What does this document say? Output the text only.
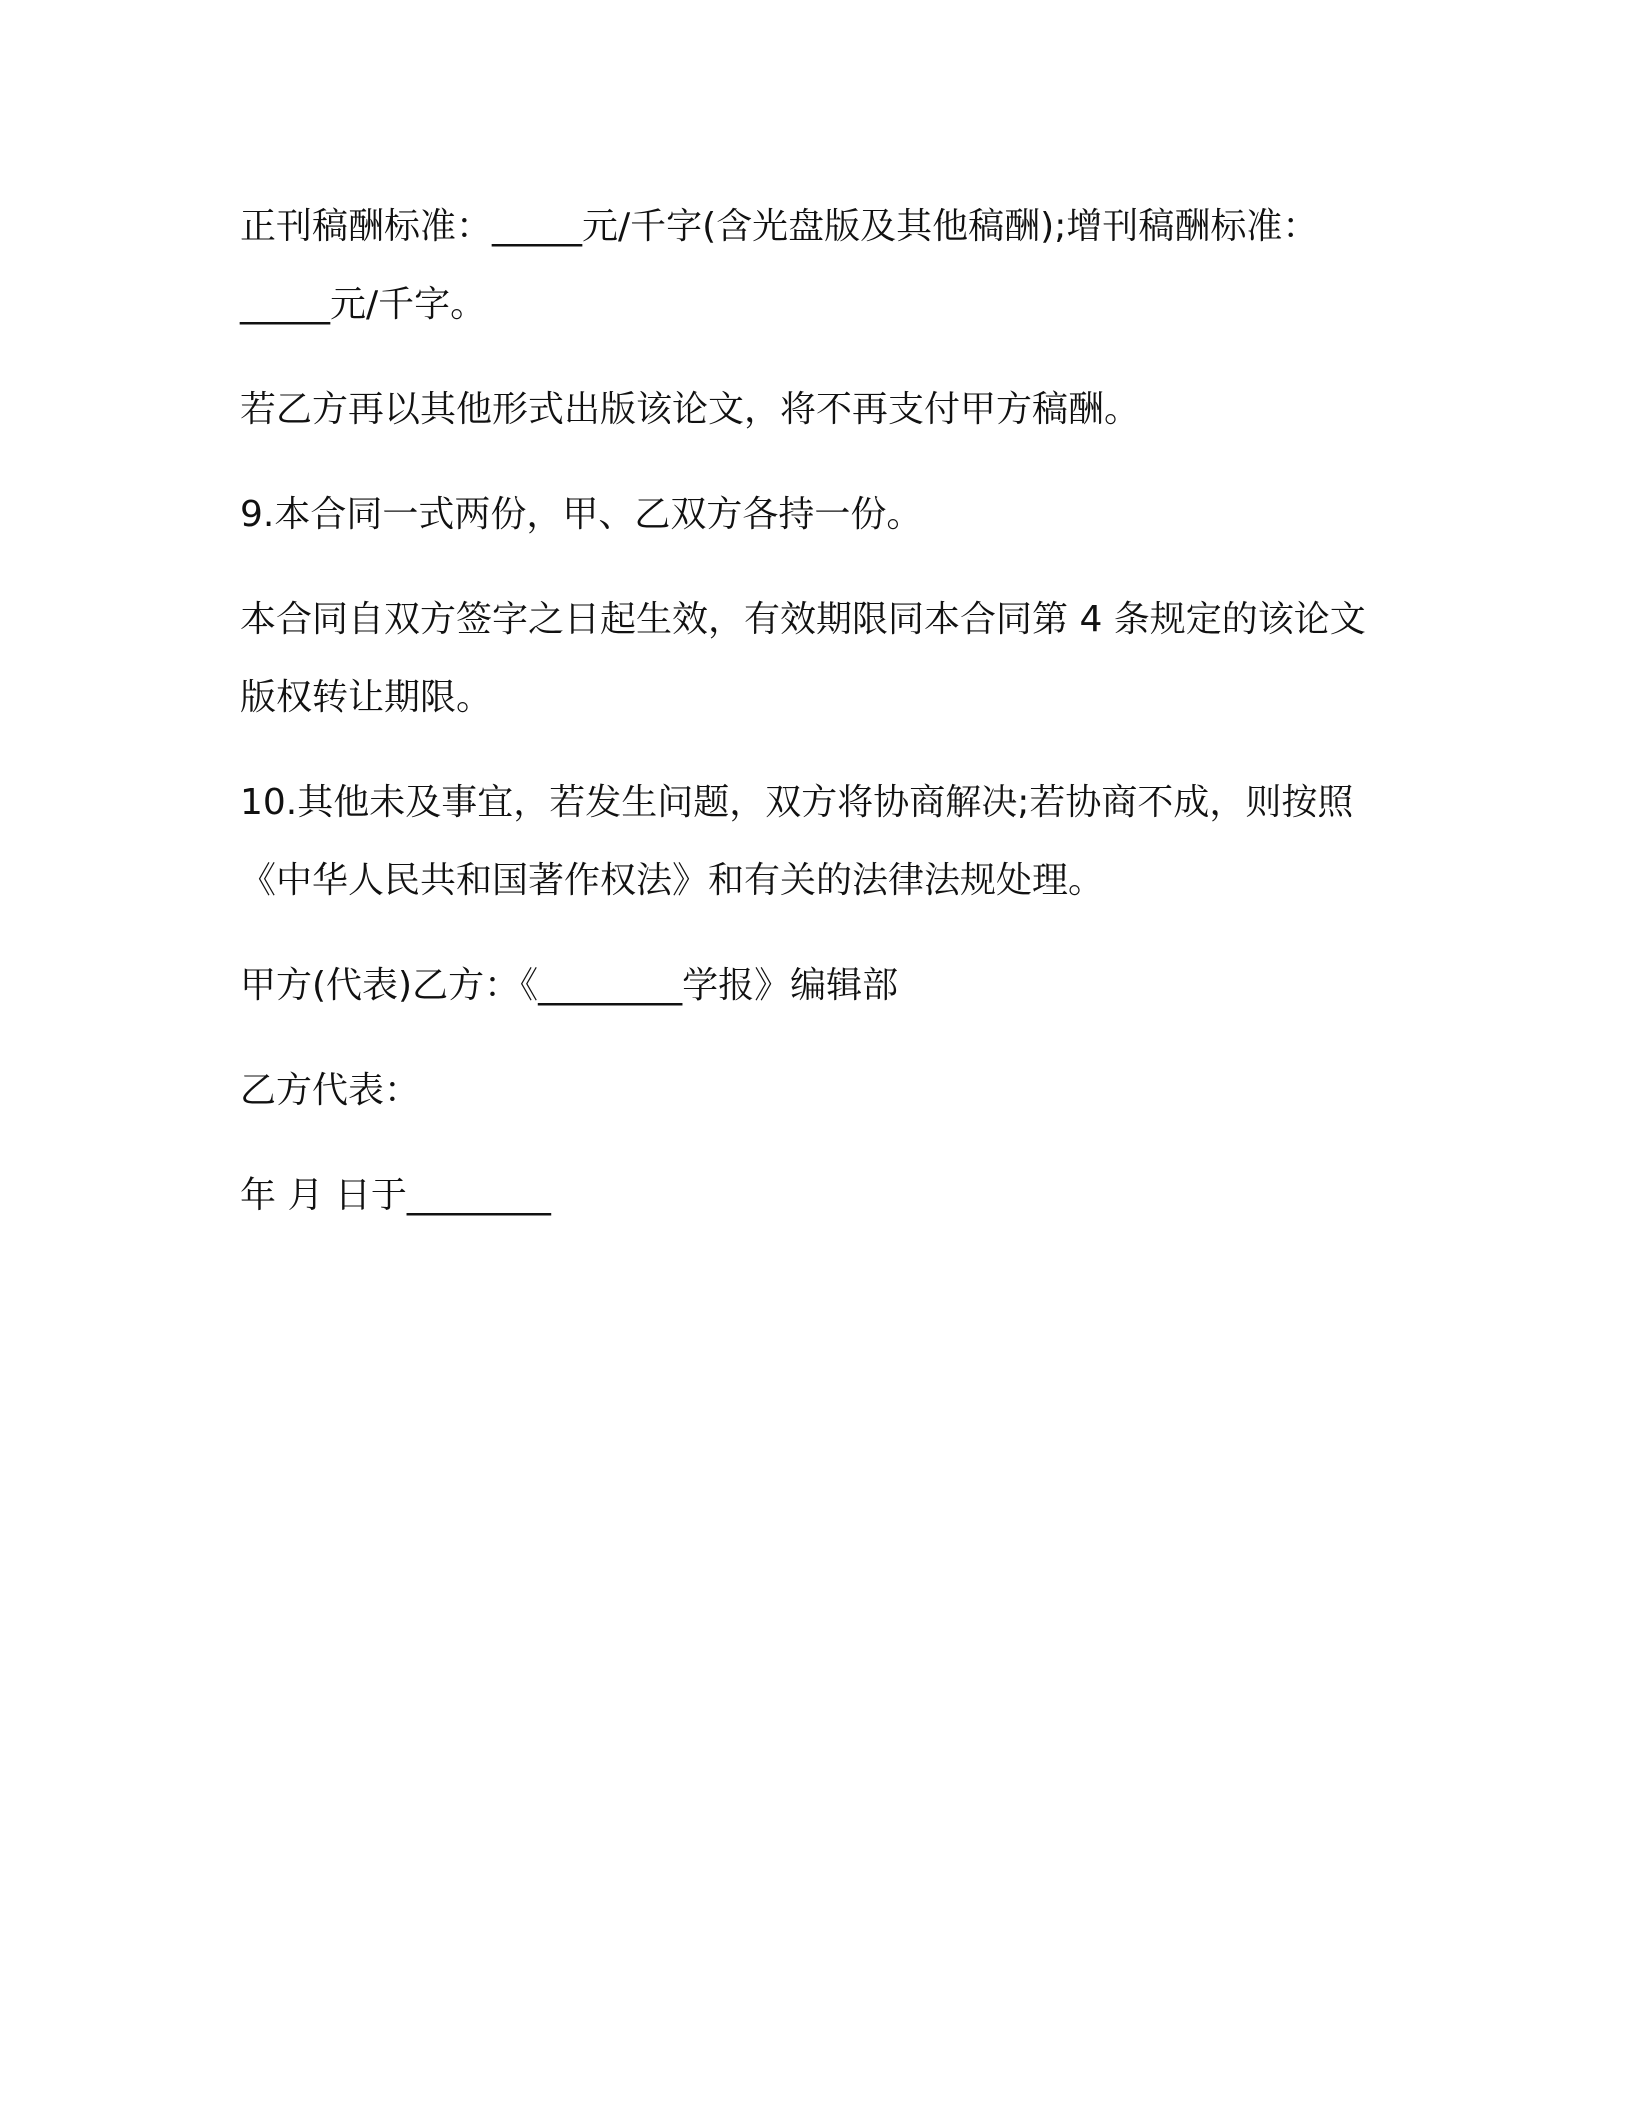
正刊稿酬标准：_____元/千字(含光盘版及其他稿酬);增刊稿酬标准：_____元/千字。

若乙方再以其他形式出版该论文，将不再支付甲方稿酬。

9.本合同一式两份，甲、乙双方各持一份。

本合同自双方签字之日起生效，有效期限同本合同第 4 条规定的该论文版权转让期限。

10.其他未及事宜，若发生问题，双方将协商解决;若协商不成，则按照《中华人民共和国著作权法》和有关的法律法规处理。

甲方(代表)乙方：《________学报》编辑部

乙方代表：

年 月 日于________
